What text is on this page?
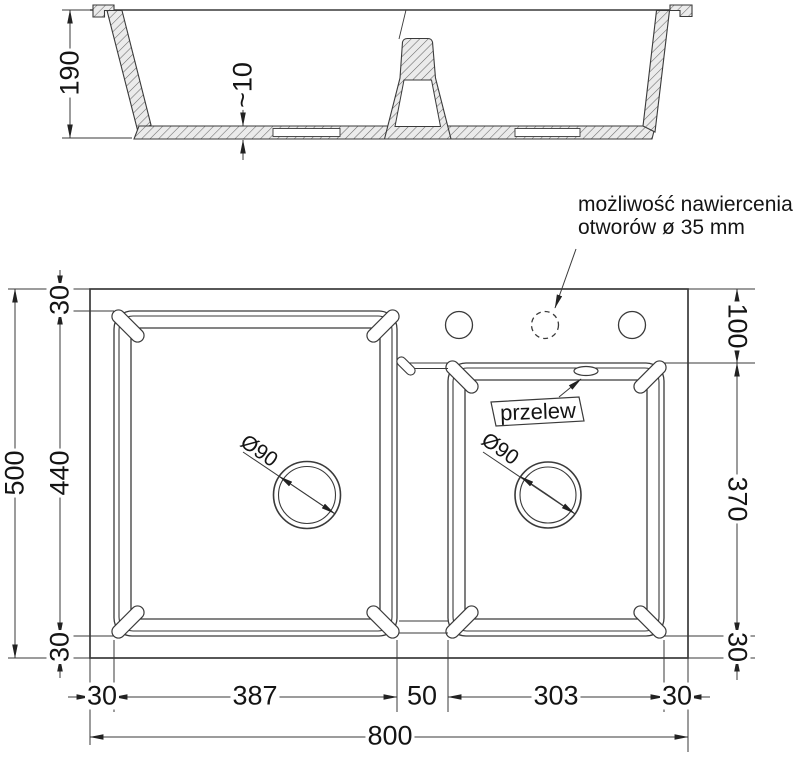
190	~10
możliwość nawiercenia
otworów ø 35 mm
przelew
Ø90	Ø90
500
30
440
30
100
370
30
30	387	50	303	30
800
